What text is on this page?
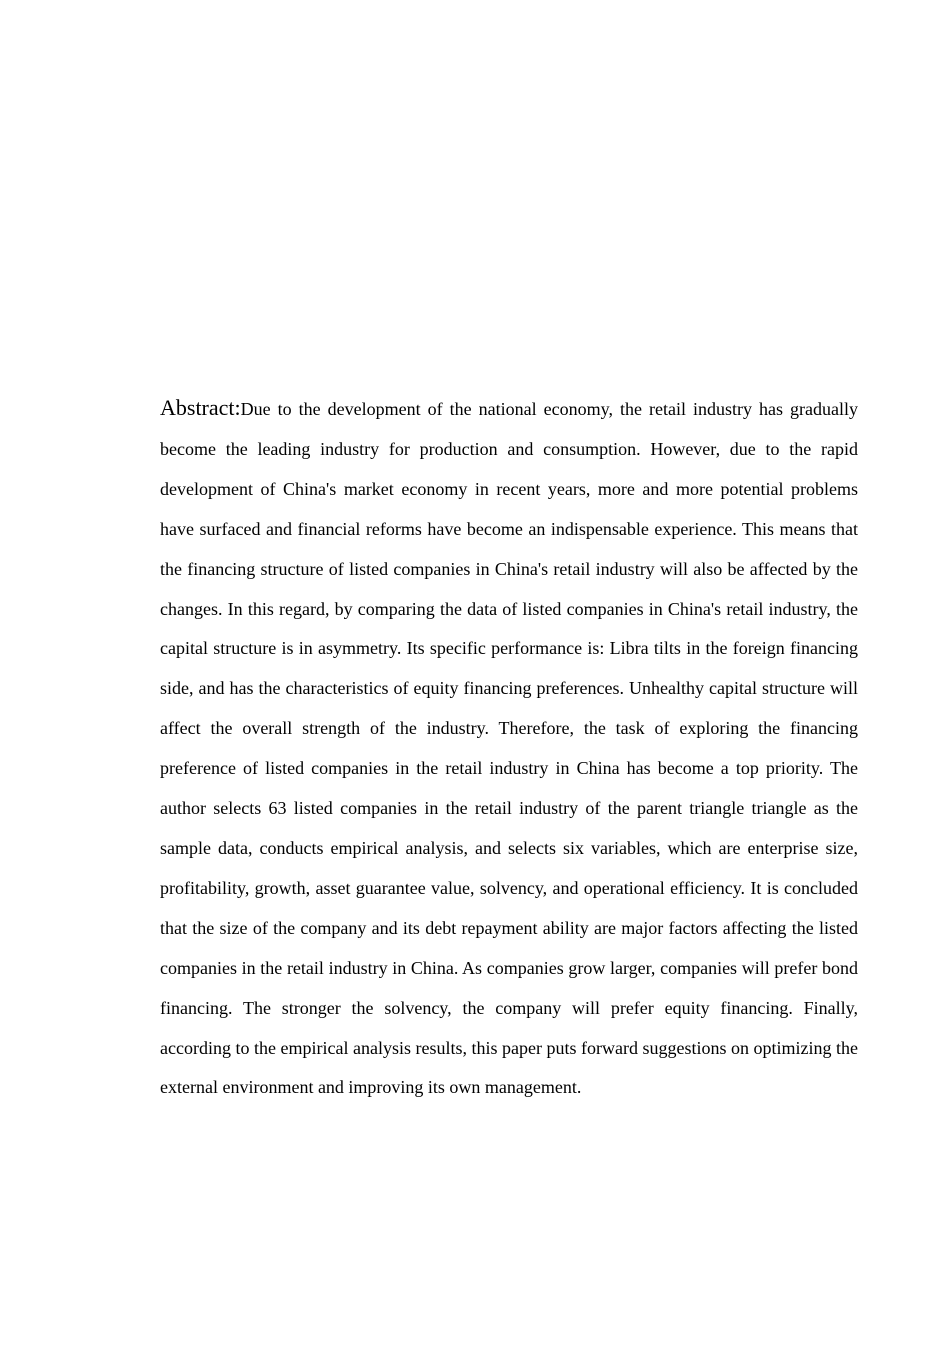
Abstract:Due to the development of the national economy, the retail industry has gradually become the leading industry for production and consumption. However, due to the rapid development of China's market economy in recent years, more and more potential problems have surfaced and financial reforms have become an indispensable experience. This means that the financing structure of listed companies in China's retail industry will also be affected by the changes. In this regard, by comparing the data of listed companies in China's retail industry, the capital structure is in asymmetry. Its specific performance is: Libra tilts in the foreign financing side, and has the characteristics of equity financing preferences. Unhealthy capital structure will affect the overall strength of the industry. Therefore, the task of exploring the financing preference of listed companies in the retail industry in China has become a top priority. The author selects 63 listed companies in the retail industry of the parent triangle triangle as the sample data, conducts empirical analysis, and selects six variables, which are enterprise size, profitability, growth, asset guarantee value, solvency, and operational efficiency. It is concluded that the size of the company and its debt repayment ability are major factors affecting the listed companies in the retail industry in China. As companies grow larger, companies will prefer bond financing. The stronger the solvency, the company will prefer equity financing. Finally, according to the empirical analysis results, this paper puts forward suggestions on optimizing the external environment and improving its own management.
